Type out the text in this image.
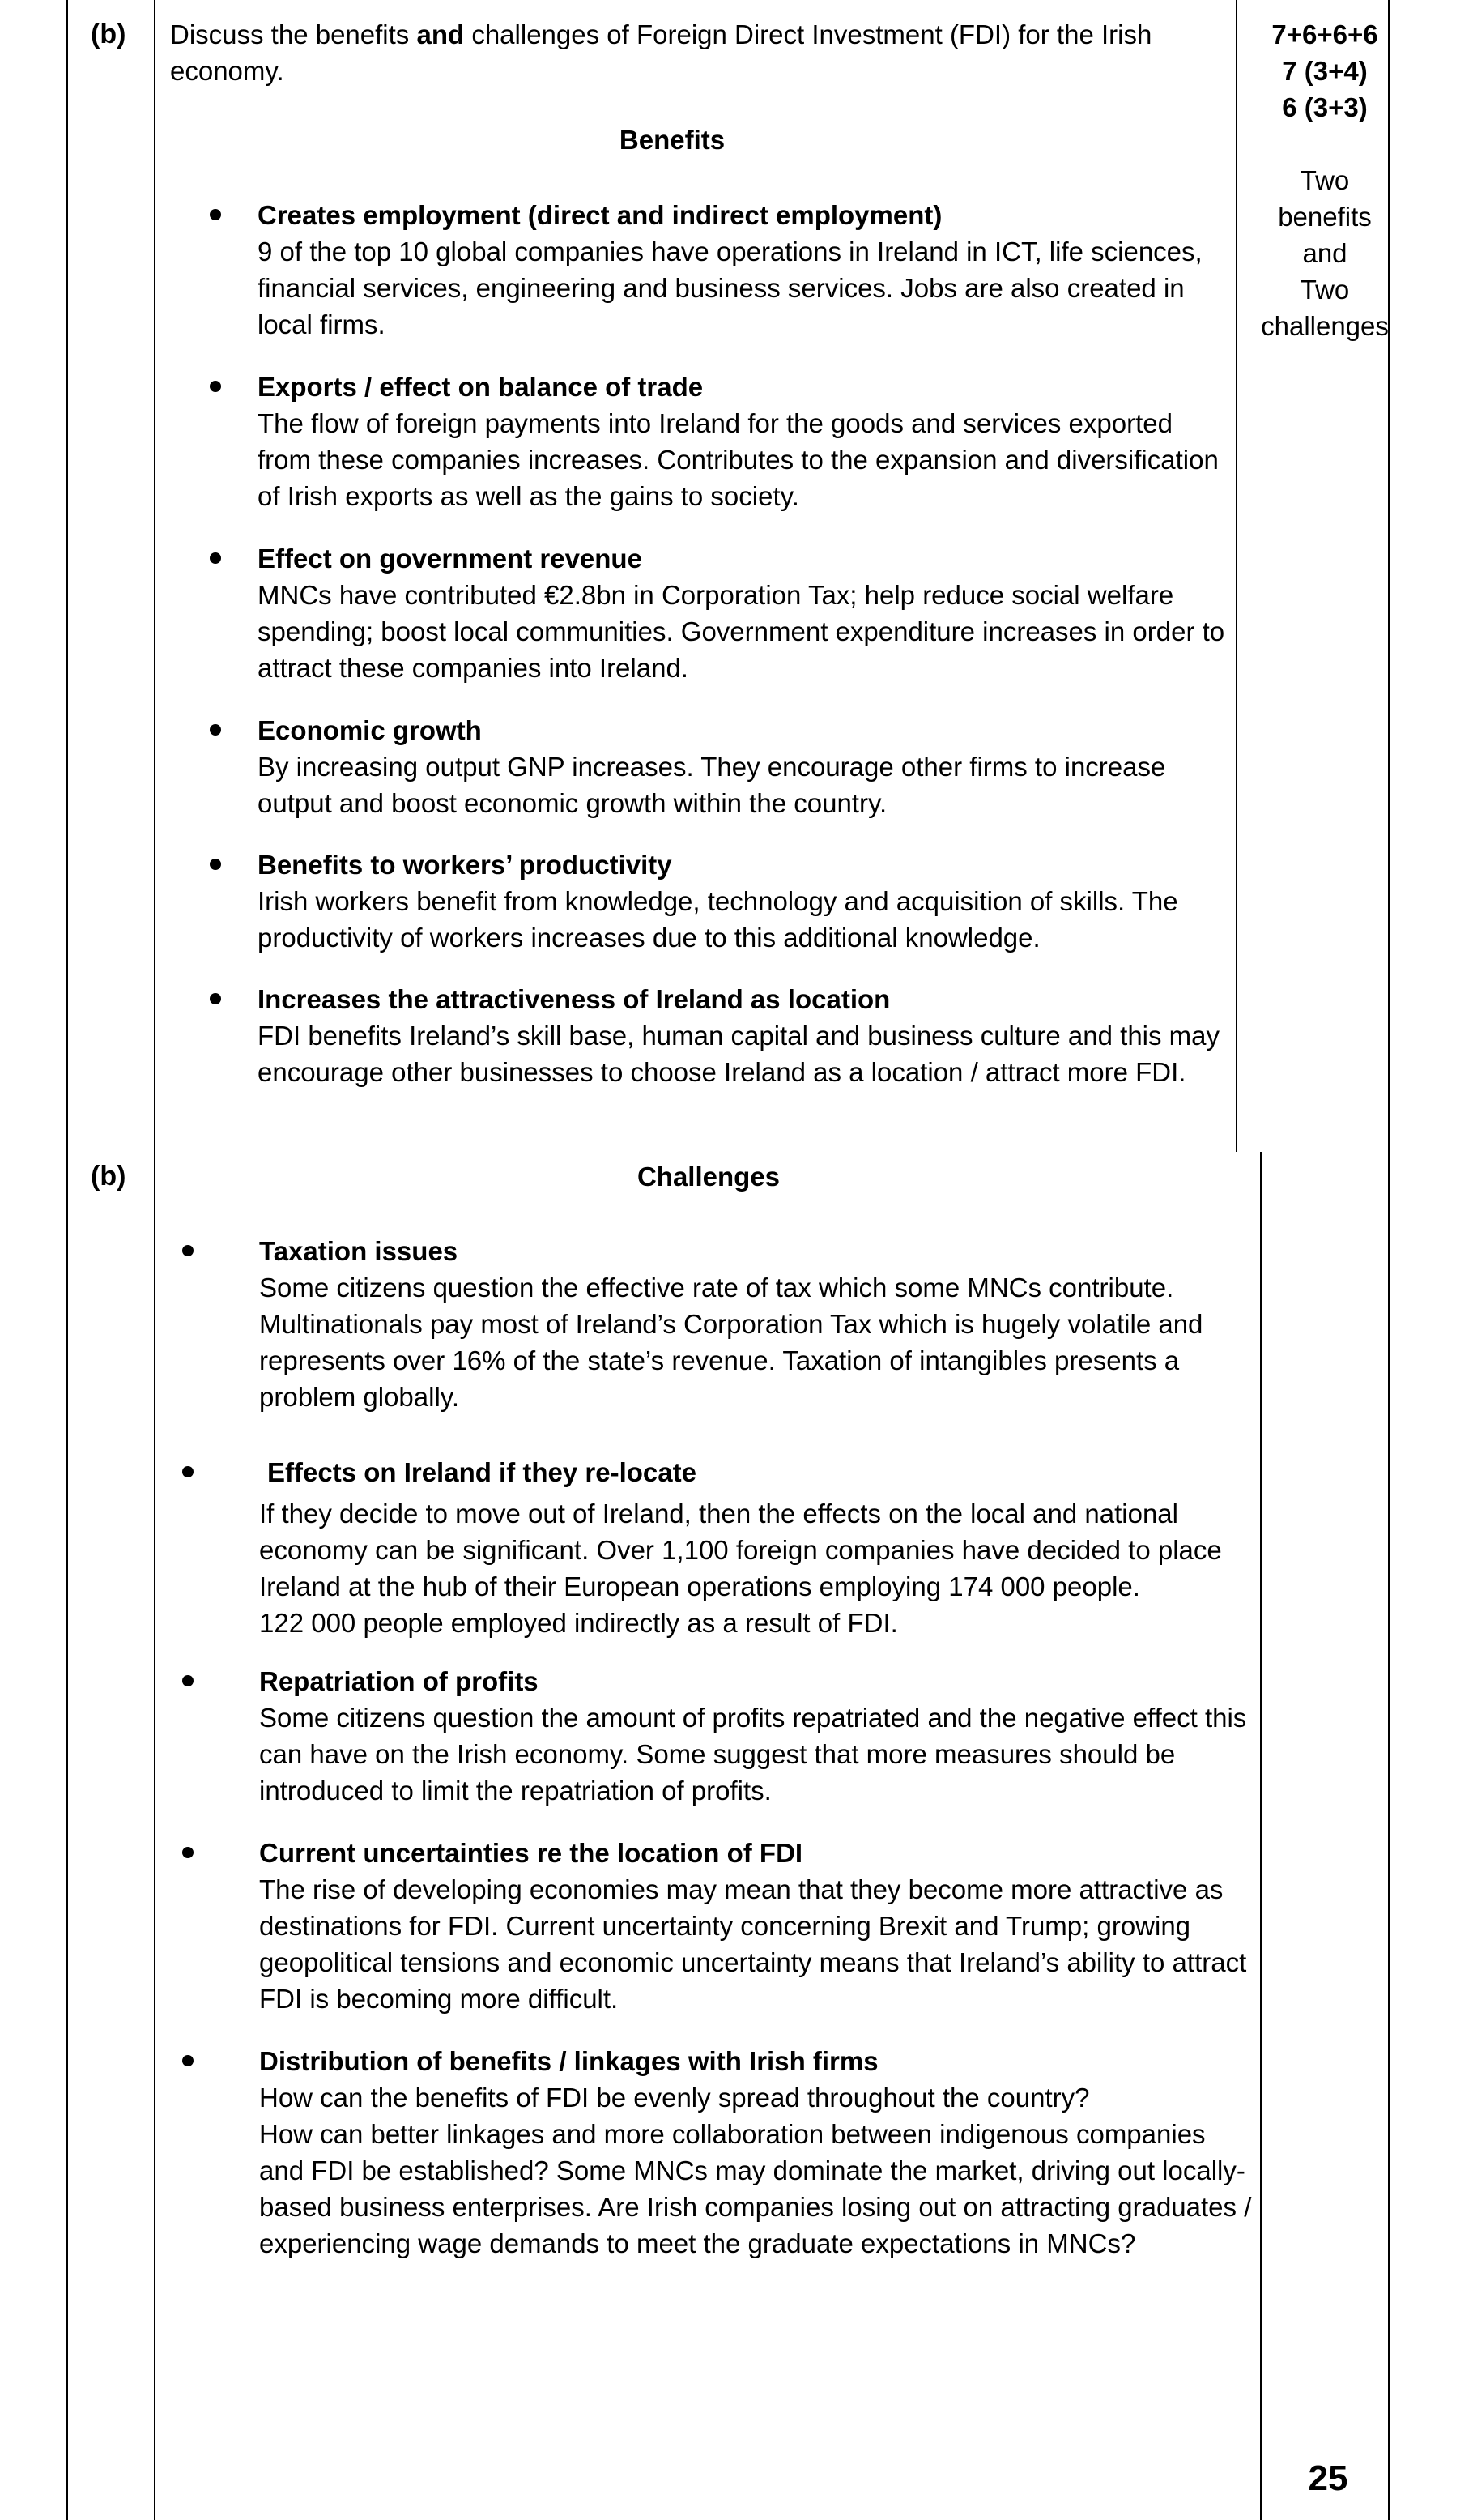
(b) Discuss the benefits and challenges of Foreign Direct Investment (FDI) for the Irish economy.
7+6+6+6
7 (3+4)
6 (3+3)
Two
benefits
and
Two
challenges
Benefits
Creates employment (direct and indirect employment)
9 of the top 10 global companies have operations in Ireland in ICT, life sciences, financial services, engineering and business services. Jobs are also created in local firms.
Exports / effect on balance of trade
The flow of foreign payments into Ireland for the goods and services exported from these companies increases. Contributes to the expansion and diversification of Irish exports as well as the gains to society.
Effect on government revenue
MNCs have contributed €2.8bn in Corporation Tax; help reduce social welfare spending; boost local communities. Government expenditure increases in order to attract these companies into Ireland.
Economic growth
By increasing output GNP increases. They encourage other firms to increase output and boost economic growth within the country.
Benefits to workers’ productivity
Irish workers benefit from knowledge, technology and acquisition of skills. The productivity of workers increases due to this additional knowledge.
Increases the attractiveness of Ireland as location
FDI benefits Ireland’s skill base, human capital and business culture and this may encourage other businesses to choose Ireland as a location / attract more FDI.
(b)	Challenges
Taxation issues
Some citizens question the effective rate of tax which some MNCs contribute. Multinationals pay most of Ireland’s Corporation Tax which is hugely volatile and represents over 16% of the state’s revenue. Taxation of intangibles presents a problem globally.
Effects on Ireland if they re-locate
If they decide to move out of Ireland, then the effects on the local and national economy can be significant. Over 1,100 foreign companies have decided to place Ireland at the hub of their European operations employing 174 000 people.
122 000 people employed indirectly as a result of FDI.
Repatriation of profits
Some citizens question the amount of profits repatriated and the negative effect this can have on the Irish economy. Some suggest that more measures should be introduced to limit the repatriation of profits.
Current uncertainties re the location of FDI
The rise of developing economies may mean that they become more attractive as destinations for FDI. Current uncertainty concerning Brexit and Trump; growing geopolitical tensions and economic uncertainty means that Ireland’s ability to attract FDI is becoming more difficult.
Distribution of benefits / linkages with Irish firms
How can the benefits of FDI be evenly spread throughout the country?
How can better linkages and more collaboration between indigenous companies and FDI be established? Some MNCs may dominate the market, driving out locally-based business enterprises. Are Irish companies losing out on attracting graduates / experiencing wage demands to meet the graduate expectations in MNCs?
25
